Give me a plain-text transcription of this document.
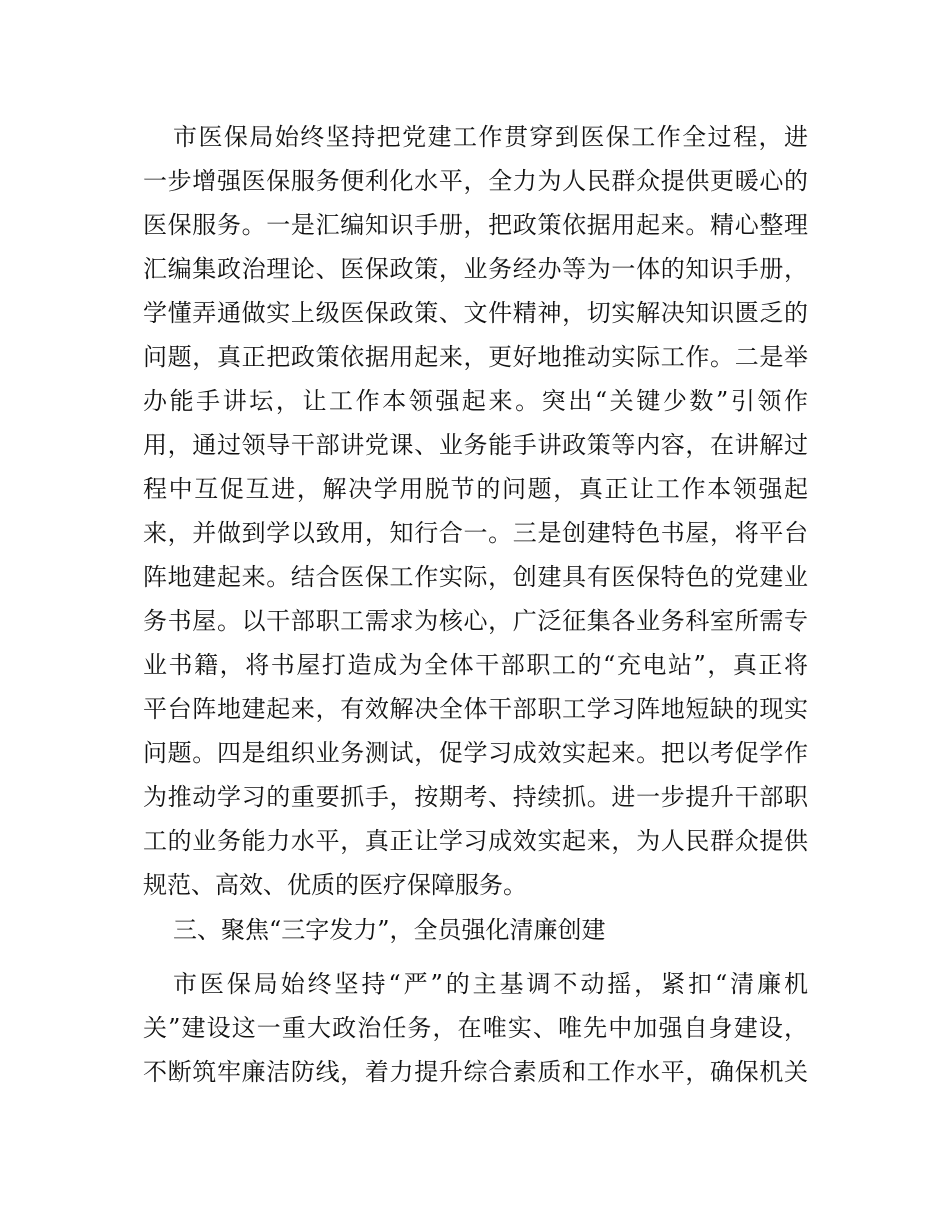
市医保局始终坚持把党建工作贯穿到医保工作全过程，进
一步增强医保服务便利化水平，全力为人民群众提供更暖心的
医保服务。一是汇编知识手册，把政策依据用起来。精心整理
汇编集政治理论、医保政策，业务经办等为一体的知识手册，
学懂弄通做实上级医保政策、文件精神，切实解决知识匮乏的
问题，真正把政策依据用起来，更好地推动实际工作。二是举
办能手讲坛，让工作本领强起来。突出“关键少数”引领作
用，通过领导干部讲党课、业务能手讲政策等内容，在讲解过
程中互促互进，解决学用脱节的问题，真正让工作本领强起
来，并做到学以致用，知行合一。三是创建特色书屋，将平台
阵地建起来。结合医保工作实际，创建具有医保特色的党建业
务书屋。以干部职工需求为核心，广泛征集各业务科室所需专
业书籍，将书屋打造成为全体干部职工的“充电站”，真正将
平台阵地建起来，有效解决全体干部职工学习阵地短缺的现实
问题。四是组织业务测试，促学习成效实起来。把以考促学作
为推动学习的重要抓手，按期考、持续抓。进一步提升干部职
工的业务能力水平，真正让学习成效实起来，为人民群众提供
规范、高效、优质的医疗保障服务。
三、聚焦“三字发力”，全员强化清廉创建
市医保局始终坚持“严”的主基调不动摇，紧扣“清廉机
关”建设这一重大政治任务，在唯实、唯先中加强自身建设，
不断筑牢廉洁防线，着力提升综合素质和工作水平，确保机关
